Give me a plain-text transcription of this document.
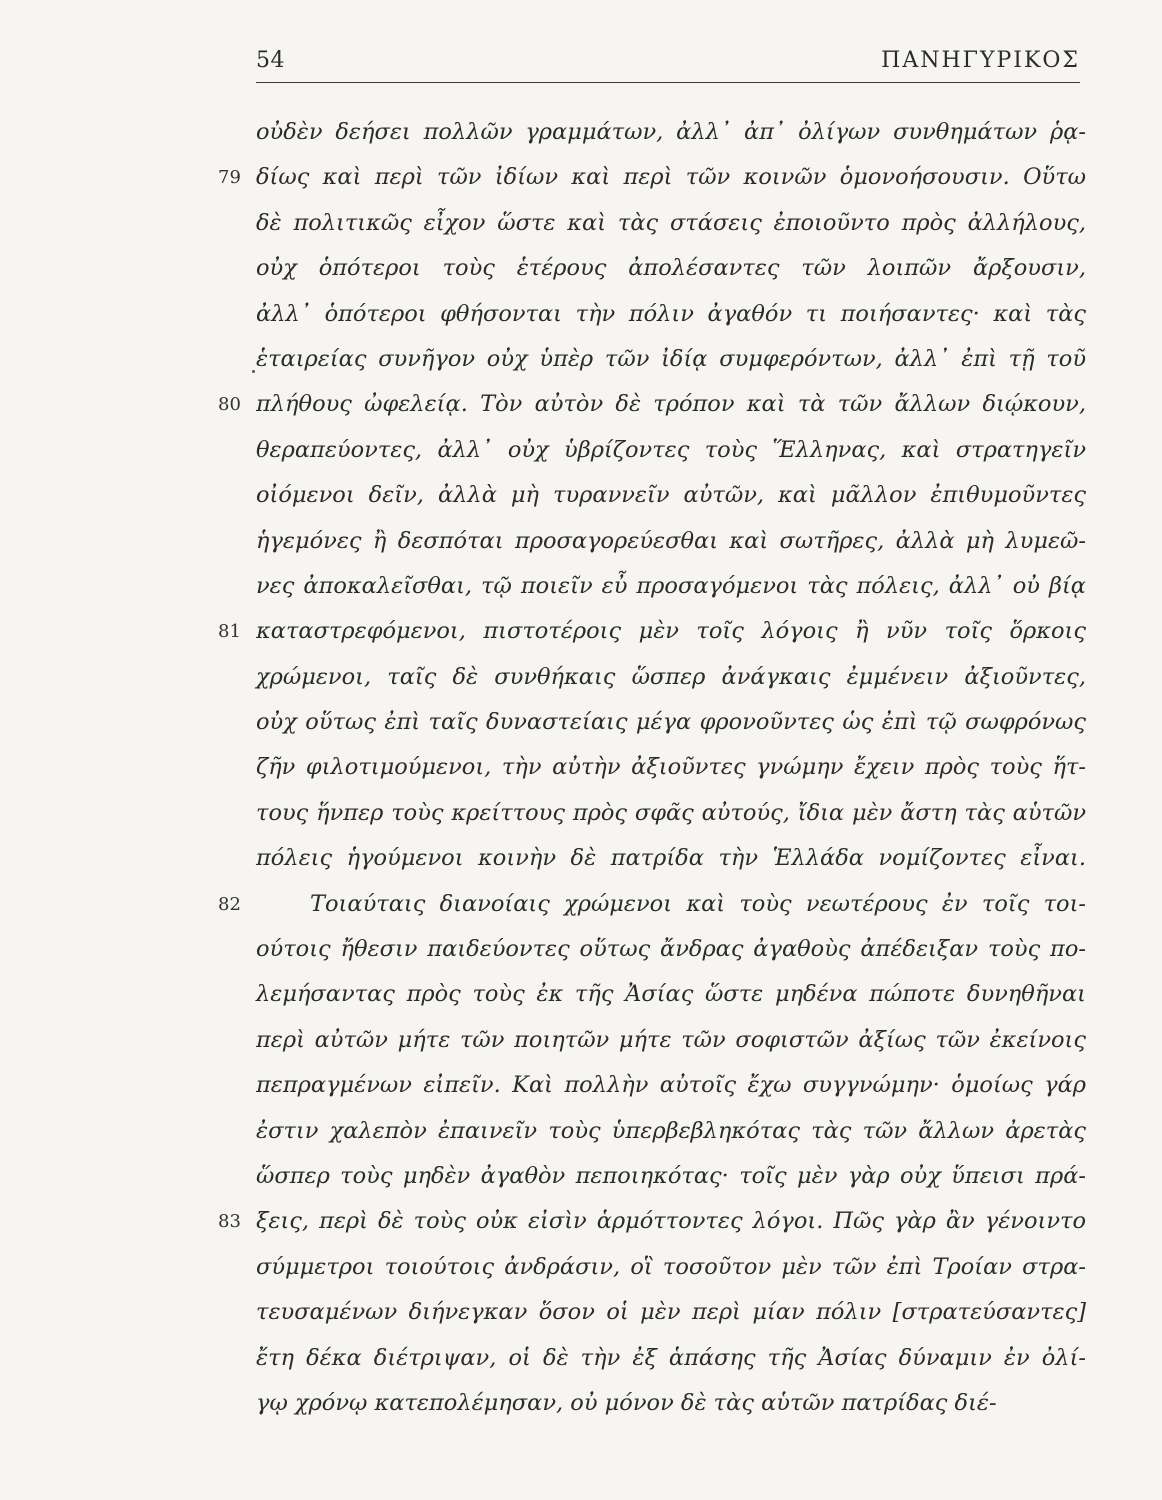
54	ΠΑΝΗΓΥΡΙΚΟΣ
οὐδὲν δεήσει πολλῶν γραμμάτων, ἀλλ᾽ ἀπ᾽ ὀλίγων συνθημάτων ῥᾳ-
79 δίως καὶ περὶ τῶν ἰδίων καὶ περὶ τῶν κοινῶν ὁμονοήσουσιν. Οὕτω
δὲ πολιτικῶς εἶχον ὥστε καὶ τὰς στάσεις ἐποιοῦντο πρὸς ἀλλήλους,
οὐχ ὁπότεροι τοὺς ἑτέρους ἀπολέσαντες τῶν λοιπῶν ἄρξουσιν,
ἀλλ᾽ ὁπότεροι φθήσονται τὴν πόλιν ἀγαθόν τι ποιήσαντες· καὶ τὰς
ἑταιρείας συνῆγον οὐχ ὑπὲρ τῶν ἰδίᾳ συμφερόντων, ἀλλ᾽ ἐπὶ τῇ τοῦ
80 πλήθους ὠφελείᾳ. Τὸν αὐτὸν δὲ τρόπον καὶ τὰ τῶν ἄλλων διῴκουν,
θεραπεύοντες, ἀλλ᾽ οὐχ ὑβρίζοντες τοὺς Ἕλληνας, καὶ στρατηγεῖν
οἰόμενοι δεῖν, ἀλλὰ μὴ τυραννεῖν αὐτῶν, καὶ μᾶλλον ἐπιθυμοῦντες
ἡγεμόνες ἢ δεσπόται προσαγορεύεσθαι καὶ σωτῆρες, ἀλλὰ μὴ λυμεῶ-
νες ἀποκαλεῖσθαι, τῷ ποιεῖν εὖ προσαγόμενοι τὰς πόλεις, ἀλλ᾽ οὐ βίᾳ
81 καταστρεφόμενοι, πιστοτέροις μὲν τοῖς λόγοις ἢ νῦν τοῖς ὅρκοις
χρώμενοι, ταῖς δὲ συνθήκαις ὥσπερ ἀνάγκαις ἐμμένειν ἀξιοῦντες,
οὐχ οὕτως ἐπὶ ταῖς δυναστείαις μέγα φρονοῦντες ὡς ἐπὶ τῷ σωφρόνως
ζῆν φιλοτιμούμενοι, τὴν αὐτὴν ἀξιοῦντες γνώμην ἔχειν πρὸς τοὺς ἥτ-
τους ἥνπερ τοὺς κρείττους πρὸς σφᾶς αὐτούς, ἴδια μὲν ἄστη τὰς αὑτῶν
πόλεις ἡγούμενοι κοινὴν δὲ πατρίδα τὴν Ἑλλάδα νομίζοντες εἶναι.
82	Τοιαύταις διανοίαις χρώμενοι καὶ τοὺς νεωτέρους ἐν τοῖς τοι-
ούτοις ἤθεσιν παιδεύοντες οὕτως ἄνδρας ἀγαθοὺς ἀπέδειξαν τοὺς πο-
λεμήσαντας πρὸς τοὺς ἐκ τῆς Ἀσίας ὥστε μηδένα πώποτε δυνηθῆναι
περὶ αὐτῶν μήτε τῶν ποιητῶν μήτε τῶν σοφιστῶν ἀξίως τῶν ἐκείνοις
πεπραγμένων εἰπεῖν. Καὶ πολλὴν αὐτοῖς ἔχω συγγνώμην· ὁμοίως γάρ
ἐστιν χαλεπὸν ἐπαινεῖν τοὺς ὑπερβεβληκότας τὰς τῶν ἄλλων ἀρετὰς
ὥσπερ τοὺς μηδὲν ἀγαθὸν πεποιηκότας· τοῖς μὲν γὰρ οὐχ ὕπεισι πρά-
83 ξεις, περὶ δὲ τοὺς οὐκ εἰσὶν ἁρμόττοντες λόγοι. Πῶς γὰρ ἂν γένοιντο
σύμμετροι τοιούτοις ἀνδράσιν, οἳ τοσοῦτον μὲν τῶν ἐπὶ Τροίαν στρα-
τευσαμένων διήνεγκαν ὅσον οἱ μὲν περὶ μίαν πόλιν [στρατεύσαντες]
ἔτη δέκα διέτριψαν, οἱ δὲ τὴν ἐξ ἁπάσης τῆς Ἀσίας δύναμιν ἐν ὀλί-
γῳ χρόνῳ κατεπολέμησαν, οὐ μόνον δὲ τὰς αὑτῶν πατρίδας διέ-
